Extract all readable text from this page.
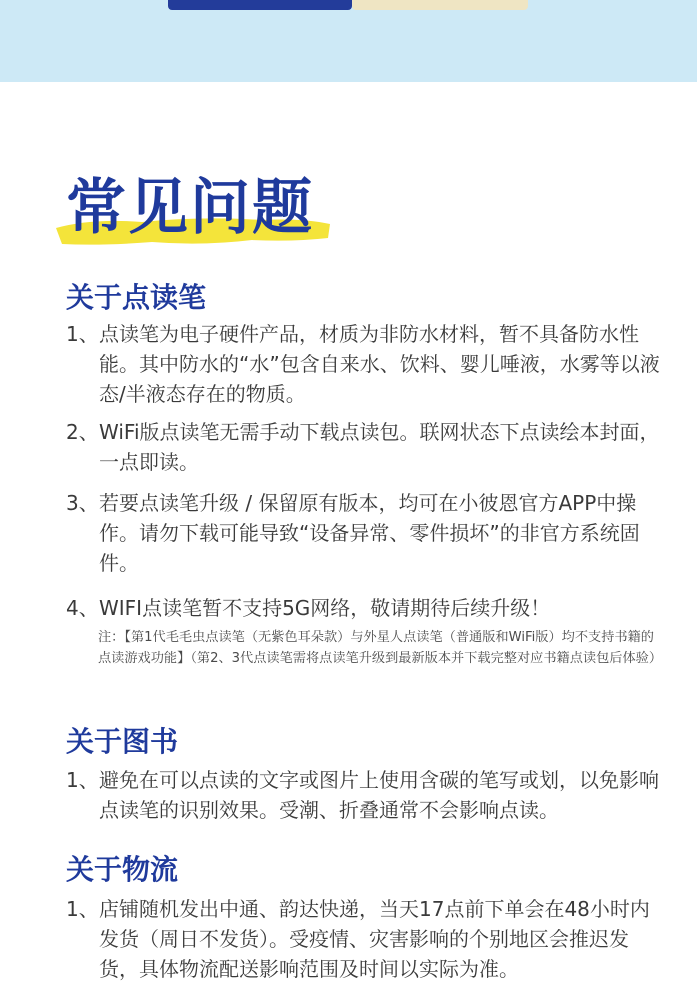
常见问题
关于点读笔
1、 点读笔为电子硬件产品，材质为非防水材料，暂不具备防水性能。其中防水的“水”包含自来水、饮料、婴儿唾液，水雾等以液态/半液态存在的物质。
2、 WiFi版点读笔无需手动下载点读包。联网状态下点读绘本封面，一点即读。
3、 若要点读笔升级 / 保留原有版本，均可在小彼恩官方APP中操作。请勿下载可能导致“设备异常、零件损坏”的非官方系统固件。
4、 WIFI点读笔暂不支持5G网络，敬请期待后续升级！
注：【第1代毛毛虫点读笔（无紫色耳朵款）与外星人点读笔（普通版和WiFi版）均不支持书籍的点读游戏功能】（第2、3代点读笔需将点读笔升级到最新版本并下载完整对应书籍点读包后体验）
关于图书
1、 避免在可以点读的文字或图片上使用含碳的笔写或划，以免影响点读笔的识别效果。受潮、折叠通常不会影响点读。
关于物流
1、 店铺随机发出中通、韵达快递，当天17点前下单会在48小时内发货（周日不发货）。受疫情、灾害影响的个别地区会推迟发货，具体物流配送影响范围及时间以实际为准。
